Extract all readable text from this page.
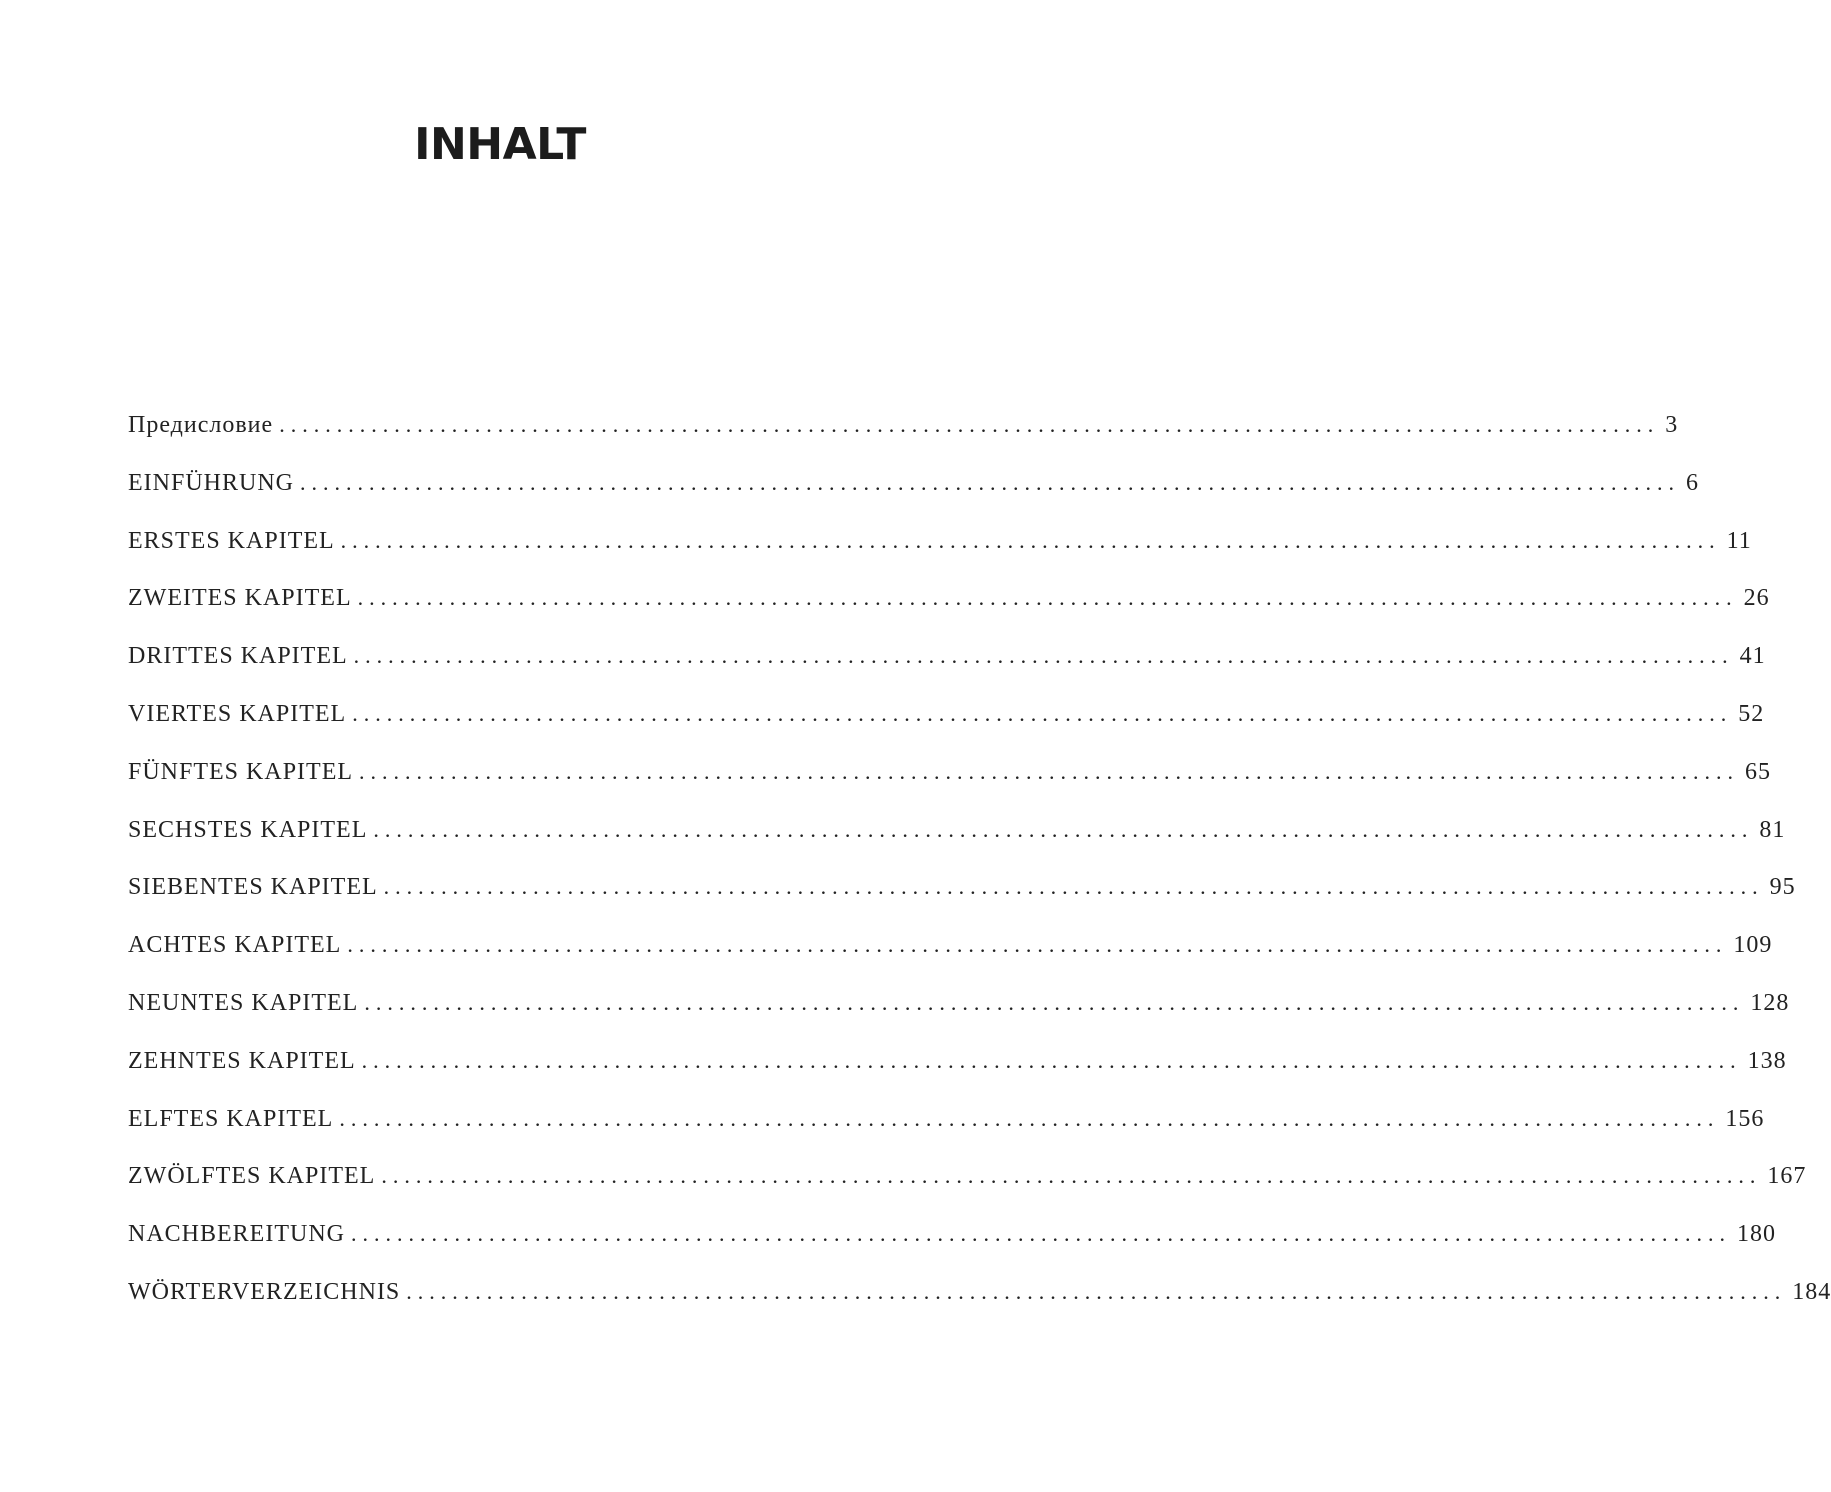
INHALT
Предисловие ........................................................................................................................ 3
EINFÜHRUNG ........................................................................................................................ 6
ERSTES KAPITEL ........................................................................................................................ 11
ZWEITES KAPITEL ........................................................................................................................ 26
DRITTES KAPITEL ........................................................................................................................ 41
VIERTES KAPITEL ........................................................................................................................ 52
FÜNFTES KAPITEL ........................................................................................................................ 65
SECHSTES KAPITEL ........................................................................................................................ 81
SIEBENTES KAPITEL ........................................................................................................................ 95
ACHTES KAPITEL ........................................................................................................................ 109
NEUNTES KAPITEL ........................................................................................................................ 128
ZEHNTES KAPITEL ........................................................................................................................ 138
ELFTES KAPITEL ........................................................................................................................ 156
ZWÖLFTES KAPITEL ........................................................................................................................ 167
NACHBEREITUNG ........................................................................................................................ 180
WÖRTERVERZEICHNIS ........................................................................................................................ 184
